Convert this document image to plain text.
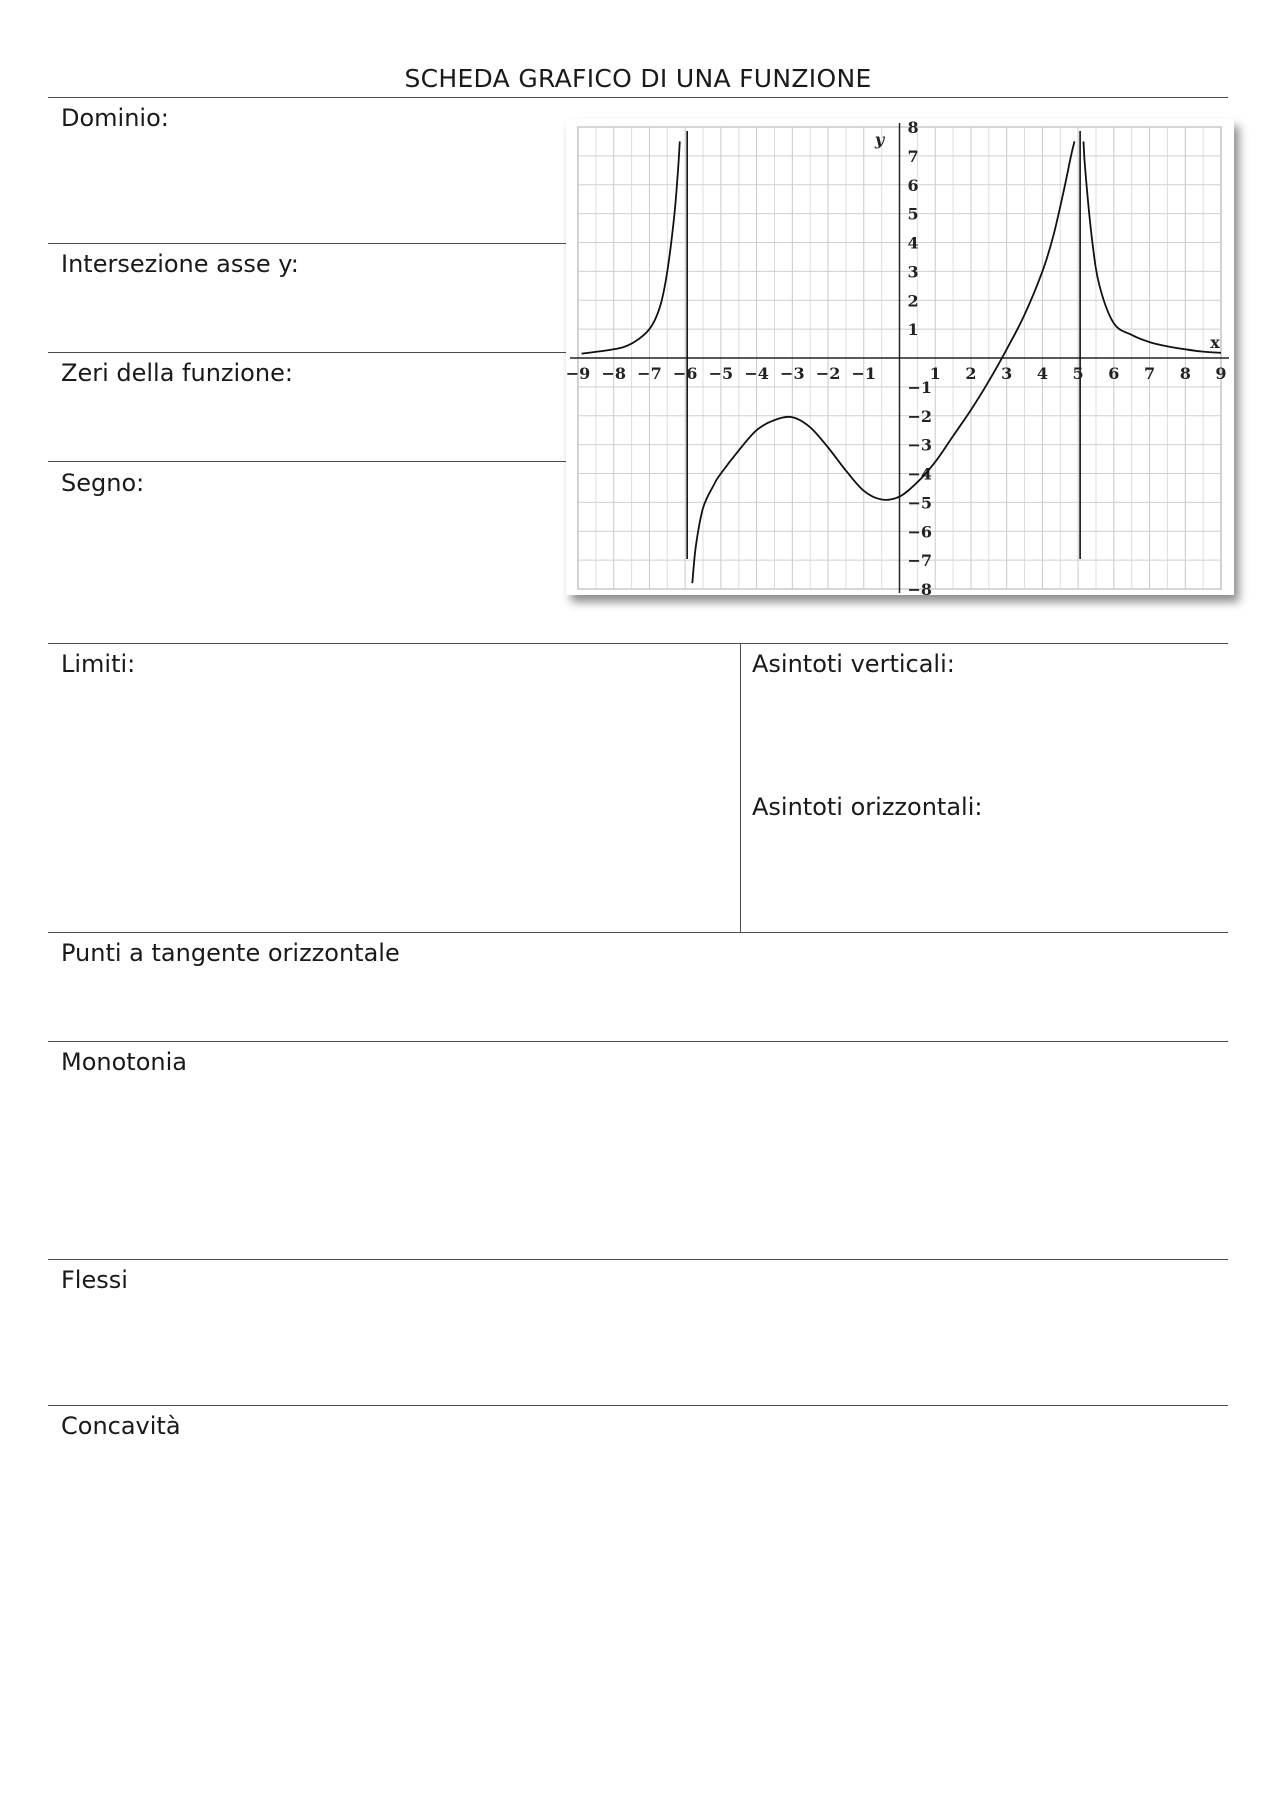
SCHEDA GRAFICO DI UNA FUNZIONE
Dominio:
Intersezione asse y:
Zeri della funzione:
Segno:
−9 −8 −7 −6 −5 −4 −3 −2 −1	1 2 3 4 5 6 7 8 9
8
7
6
5
4
3
2
1
−1
−2
−3
−4
−5
−6
−7
−8
x
y
Limiti:	Asintoti verticali:
Asintoti orizzontali:
Punti a tangente orizzontale
Monotonia
Flessi
Concavità
